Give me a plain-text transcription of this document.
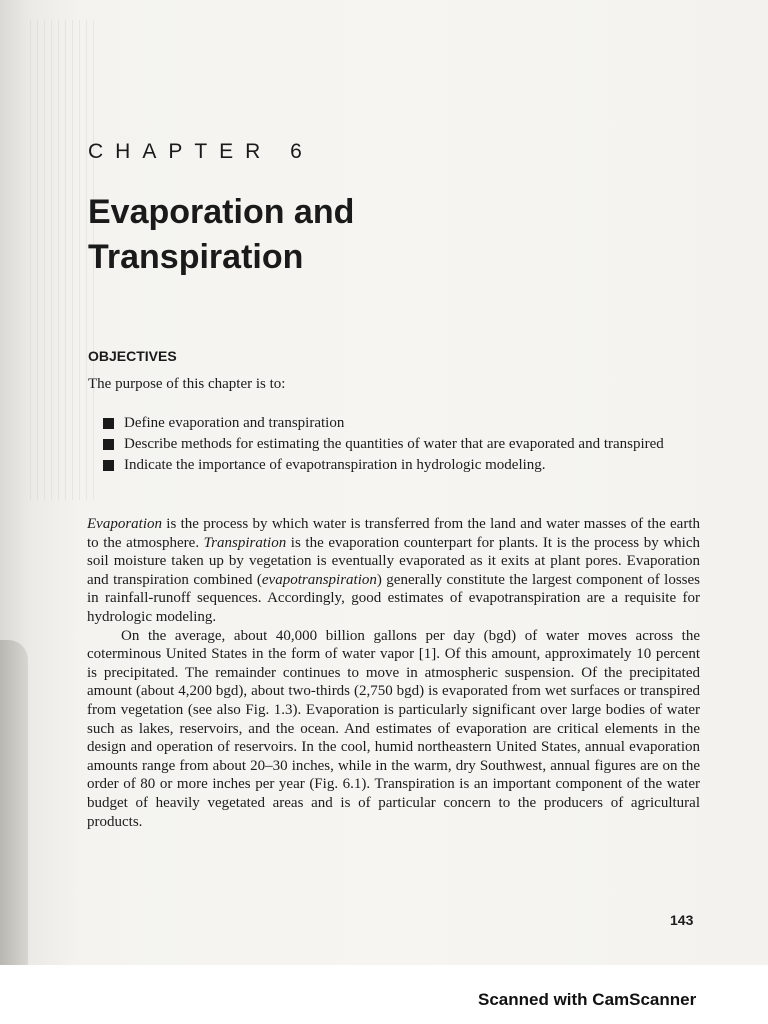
CHAPTER 6
Evaporation and
Transpiration
OBJECTIVES
The purpose of this chapter is to:
Define evaporation and transpiration
Describe methods for estimating the quantities of water that are evaporated and transpired
Indicate the importance of evapotranspiration in hydrologic modeling.

Evaporation is the process by which water is transferred from the land and water masses of the earth to the atmosphere. Transpiration is the evaporation counterpart for plants. It is the process by which soil moisture taken up by vegetation is eventually evaporated as it exits at plant pores. Evaporation and transpiration combined (evapotranspiration) generally constitute the largest component of losses in rainfall-runoff sequences. Accordingly, good estimates of evapotranspiration are a requisite for hydrologic modeling.

On the average, about 40,000 billion gallons per day (bgd) of water moves across the coterminous United States in the form of water vapor [1]. Of this amount, approximately 10 percent is precipitated. The remainder continues to move in atmospheric suspension. Of the precipitated amount (about 4,200 bgd), about two-thirds (2,750 bgd) is evaporated from wet surfaces or transpired from vegetation (see also Fig. 1.3). Evaporation is particularly significant over large bodies of water such as lakes, reservoirs, and the ocean. And estimates of evaporation are critical elements in the design and operation of reservoirs. In the cool, humid northeastern United States, annual evaporation amounts range from about 20–30 inches, while in the warm, dry Southwest, annual figures are on the order of 80 or more inches per year (Fig. 6.1). Transpiration is an important component of the water budget of heavily vegetated areas and is of particular concern to the producers of agricultural products.

143
Scanned with CamScanner
